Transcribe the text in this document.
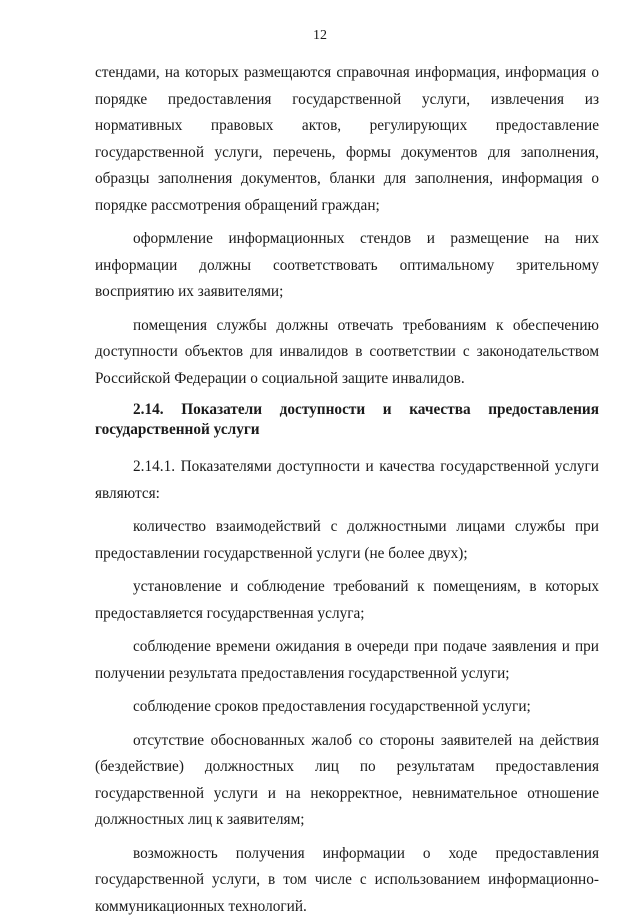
12

стендами, на которых размещаются справочная информация, информация о порядке предоставления государственной услуги, извлечения из нормативных правовых актов, регулирующих предоставление государственной услуги, перечень, формы документов для заполнения, образцы заполнения документов, бланки для заполнения, информация о порядке рассмотрения обращений граждан;

оформление информационных стендов и размещение на них информации должны соответствовать оптимальному зрительному восприятию их заявителями;

помещения службы должны отвечать требованиям к обеспечению доступности объектов для инвалидов в соответствии с законодательством Российской Федерации о социальной защите инвалидов.

2.14. Показатели доступности и качества предоставления государственной услуги

2.14.1. Показателями доступности и качества государственной услуги являются:

количество взаимодействий с должностными лицами службы при предоставлении государственной услуги (не более двух);

установление и соблюдение требований к помещениям, в которых предоставляется государственная услуга;

соблюдение времени ожидания в очереди при подаче заявления и при получении результата предоставления государственной услуги;

соблюдение сроков предоставления государственной услуги;

отсутствие обоснованных жалоб со стороны заявителей на действия (бездействие) должностных лиц по результатам предоставления государственной услуги и на некорректное, невнимательное отношение должностных лиц к заявителям;

возможность получения информации о ходе предоставления государственной услуги, в том числе с использованием информационно-коммуникационных технологий.
